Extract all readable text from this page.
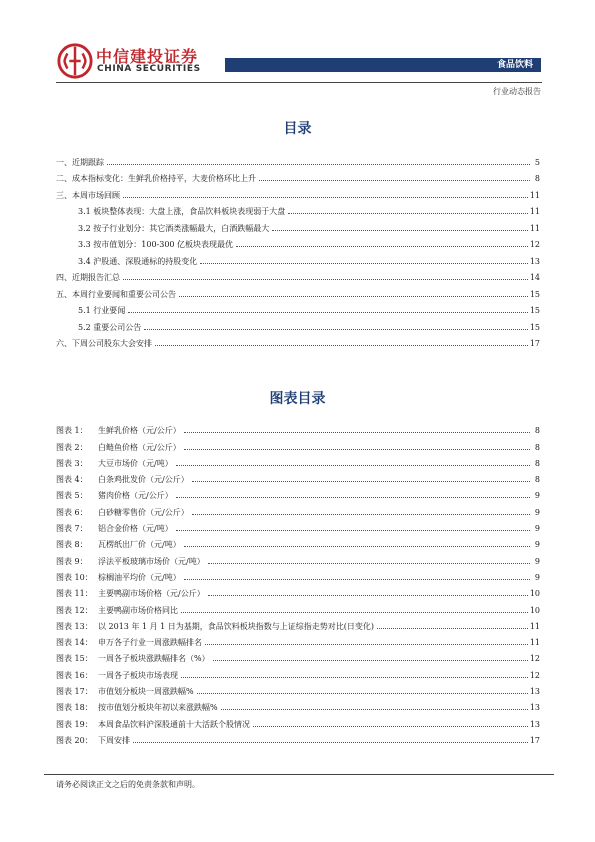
中信建投证券
CHINA SECURITIES	食品饮料
行业动态报告
目录
一、近期跟踪	5
二、成本指标变化：生鲜乳价格持平，大麦价格环比上升	8
三、本周市场回顾	11
3.1 板块整体表现：大盘上涨，食品饮料板块表现弱于大盘	11
3.2 按子行业划分：其它酒类涨幅最大，白酒跌幅最大	11
3.3 按市值划分：100-300 亿板块表现最优	12
3.4 沪股通、深股通标的持股变化	13
四、近期报告汇总	14
五、本周行业要闻和重要公司公告	15
5.1 行业要闻	15
5.2 重要公司公告	15
六、下周公司股东大会安排	17
图表目录
图表 1： 生鲜乳价格（元/公斤）	8
图表 2： 白鲢鱼价格（元/公斤）	8
图表 3： 大豆市场价（元/吨）	8
图表 4： 白条鸡批发价（元/公斤）	8
图表 5： 猪肉价格（元/公斤）	9
图表 6： 白砂糖零售价（元/公斤）	9
图表 7： 铝合金价格（元/吨）	9
图表 8： 瓦楞纸出厂价（元/吨）	9
图表 9： 浮法平板玻璃市场价（元/吨）	9
图表 10： 棕榈油平均价（元/吨）	9
图表 11： 主要鸭副市场价格（元/公斤）	10
图表 12： 主要鸭副市场价格同比	10
图表 13： 以 2013 年 1 月 1 日为基期，食品饮料板块指数与上证综指走势对比(日变化)	11
图表 14： 申万各子行业一周涨跌幅排名	11
图表 15： 一周各子板块涨跌幅排名（%）	12
图表 16： 一周各子板块市场表现	12
图表 17： 市值划分板块一周涨跌幅%	13
图表 18： 按市值划分板块年初以来涨跌幅%	13
图表 19： 本周食品饮料沪深股通前十大活跃个股情况	13
图表 20： 下周安排	17
请务必阅读正文之后的免责条款和声明。
